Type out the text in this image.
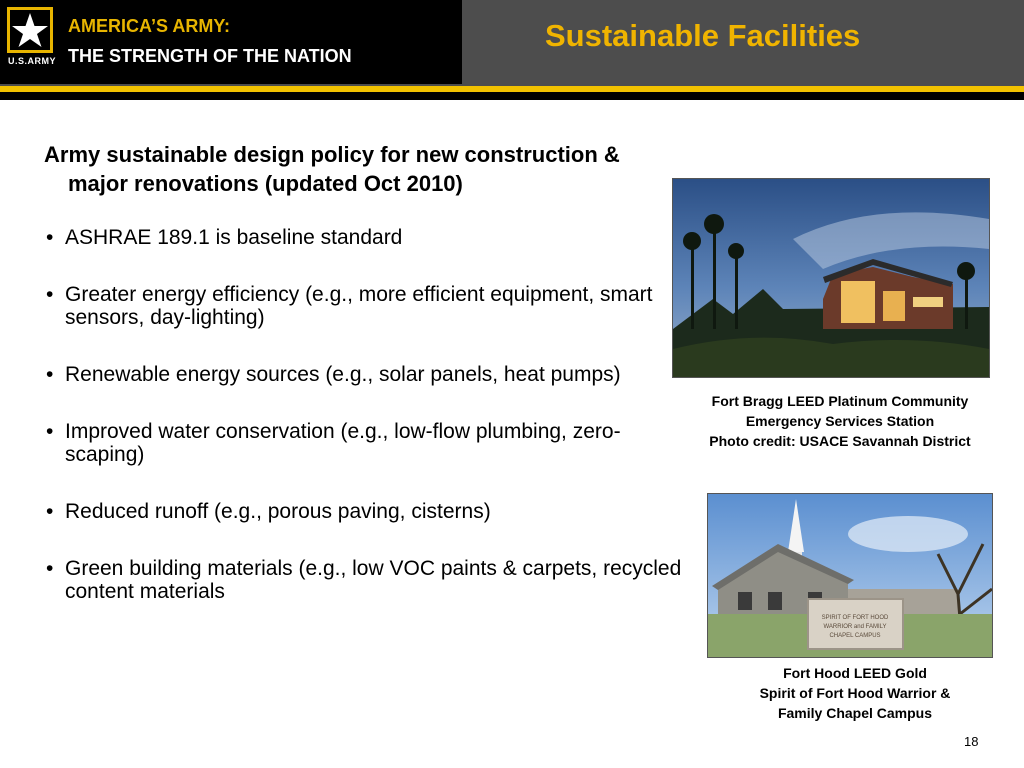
U.S.ARMY
AMERICA’S ARMY:
THE STRENGTH OF THE NATION
Sustainable Facilities
Army sustainable design policy for new construction &
major renovations (updated Oct 2010)
• ASHRAE 189.1 is baseline standard
• Greater energy efficiency (e.g., more efficient equipment, smart sensors, day-lighting)
• Renewable energy sources (e.g., solar panels, heat pumps)
• Improved water conservation (e.g., low-flow plumbing, zero-scaping)
• Reduced runoff (e.g., porous paving, cisterns)
• Green building materials (e.g., low VOC paints & carpets, recycled content materials
Fort Bragg LEED Platinum Community
Emergency Services Station
Photo credit: USACE Savannah District
SPIRIT OF FORT HOOD
WARRIOR and FAMILY
CHAPEL CAMPUS
Fort Hood LEED Gold
Spirit of Fort Hood Warrior &
Family Chapel Campus
18
